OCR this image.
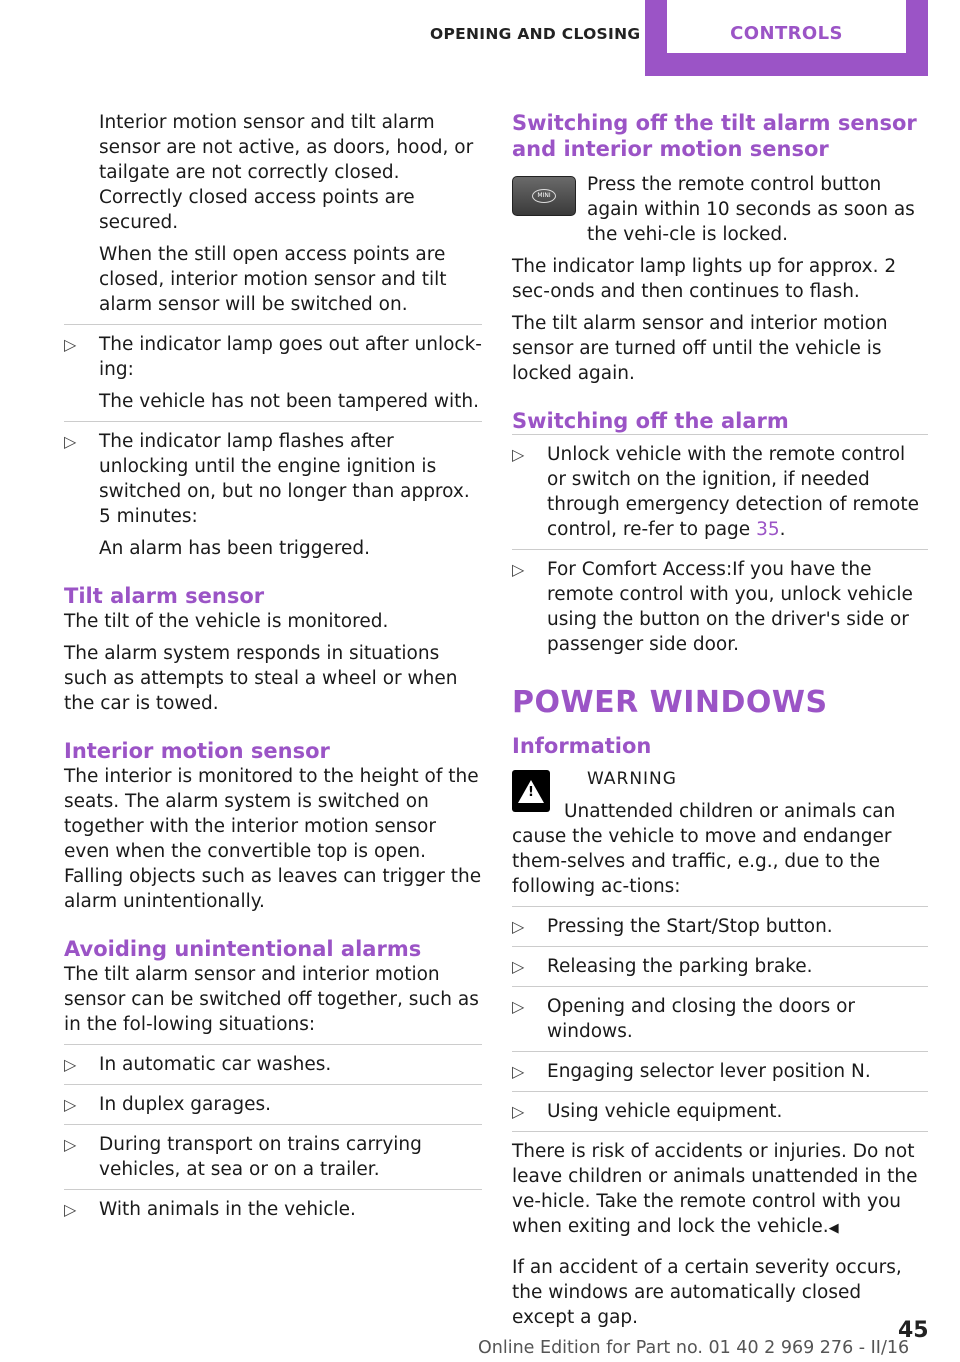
OPENING AND CLOSING	CONTROLS

Interior motion sensor and tilt alarm sensor are not active, as doors, hood, or tailgate are not correctly closed. Correctly closed access points are secured.

When the still open access points are closed, interior motion sensor and tilt alarm sensor will be switched on.

▷ The indicator lamp goes out after unlock-ing:

The vehicle has not been tampered with.

▷ The indicator lamp flashes after unlocking until the engine ignition is switched on, but no longer than approx. 5 minutes:

An alarm has been triggered.

Tilt alarm sensor

The tilt of the vehicle is monitored.

The alarm system responds in situations such as attempts to steal a wheel or when the car is towed.

Interior motion sensor

The interior is monitored to the height of the seats. The alarm system is switched on together with the interior motion sensor even when the convertible top is open. Falling objects such as leaves can trigger the alarm unintentionally.

Avoiding unintentional alarms

The tilt alarm sensor and interior motion sensor can be switched off together, such as in the fol-lowing situations:

▷ In automatic car washes.

▷ In duplex garages.

▷ During transport on trains carrying vehicles, at sea or on a trailer.

▷ With animals in the vehicle.

Switching off the tilt alarm sensor and interior motion sensor
MINI

Press the remote control button again within 10 seconds as soon as the vehi-cle is locked.

The indicator lamp lights up for approx. 2 sec-onds and then continues to flash.

The tilt alarm sensor and interior motion sensor are turned off until the vehicle is locked again.

Switching off the alarm
▷ Unlock vehicle with the remote control or switch on the ignition, if needed through emergency detection of remote control, re-fer to page 35.

▷ For Comfort Access:If you have the remote control with you, unlock vehicle using the button on the driver's side or passenger side door.

POWER WINDOWS
Information
!

WARNING

Unattended children or animals can cause the vehicle to move and endanger them-selves and traffic, e.g., due to the following ac-tions:

▷ Pressing the Start/Stop button.

▷ Releasing the parking brake.

▷ Opening and closing the doors or windows.

▷ Engaging selector lever position N.

▷ Using vehicle equipment.

There is risk of accidents or injuries. Do not leave children or animals unattended in the ve-hicle. Take the remote control with you when exiting and lock the vehicle.◀

If an accident of a certain severity occurs, the windows are automatically closed except a gap.

Online Edition for Part no. 01 40 2 969 276 - II/16
45
